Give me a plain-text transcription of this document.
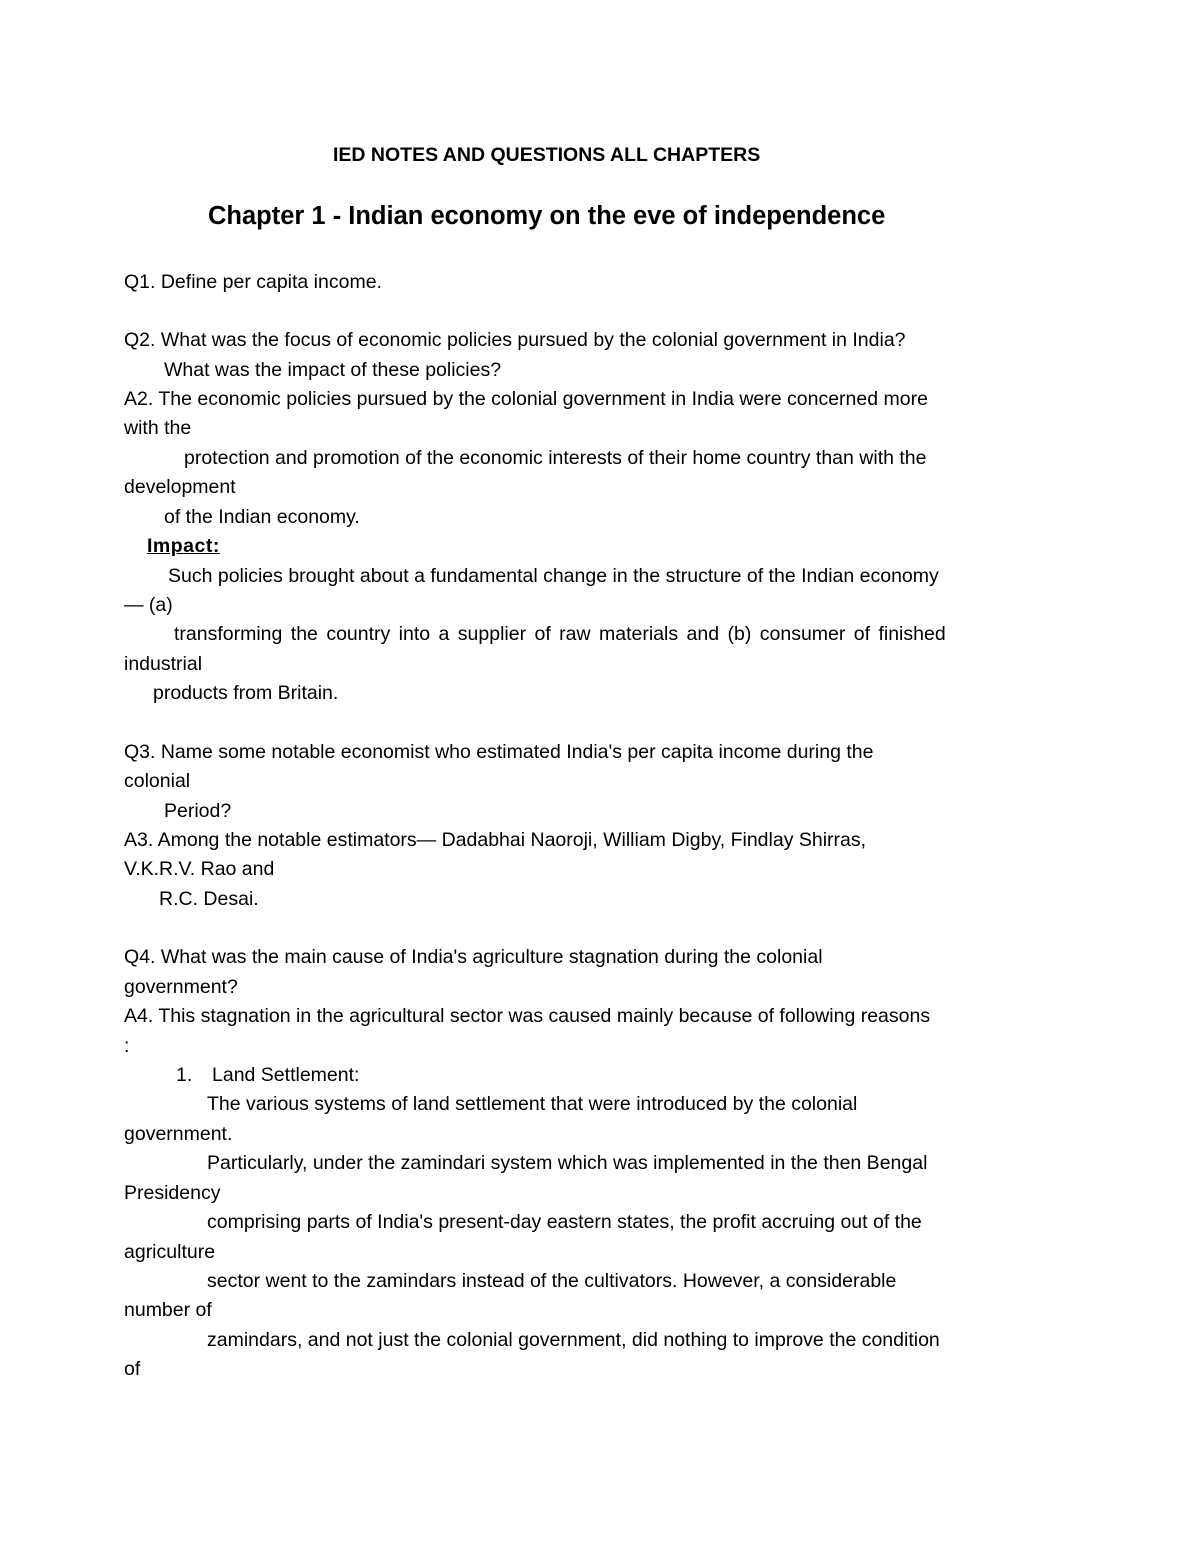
IED NOTES AND QUESTIONS ALL CHAPTERS
Chapter 1 - Indian economy on the eve of independence
Q1. Define per capita income.
Q2. What was the focus of economic policies pursued by the colonial government in India?
What was the impact of these policies?
A2. The economic policies pursued by the colonial government in India were concerned more
with the
protection and promotion of the economic interests of their home country than with the
development
of the Indian economy.
Impact:
Such policies brought about a fundamental change in the structure of the Indian economy
— (a)
transforming the country into a supplier of raw materials and (b) consumer of finished
industrial
products from Britain.
Q3. Name some notable economist who estimated India's per capita income during the
colonial
Period?
A3. Among the notable estimators— Dadabhai Naoroji, William Digby, Findlay Shirras,
V.K.R.V. Rao and
R.C. Desai.
Q4. What was the main cause of India's agriculture stagnation during the colonial
government?
A4. This stagnation in the agricultural sector was caused mainly because of following reasons
:
1. Land Settlement:
The various systems of land settlement that were introduced by the colonial
government.
Particularly, under the zamindari system which was implemented in the then Bengal
Presidency
comprising parts of India's present-day eastern states, the profit accruing out of the
agriculture
sector went to the zamindars instead of the cultivators. However, a considerable
number of
zamindars, and not just the colonial government, did nothing to improve the condition
of
